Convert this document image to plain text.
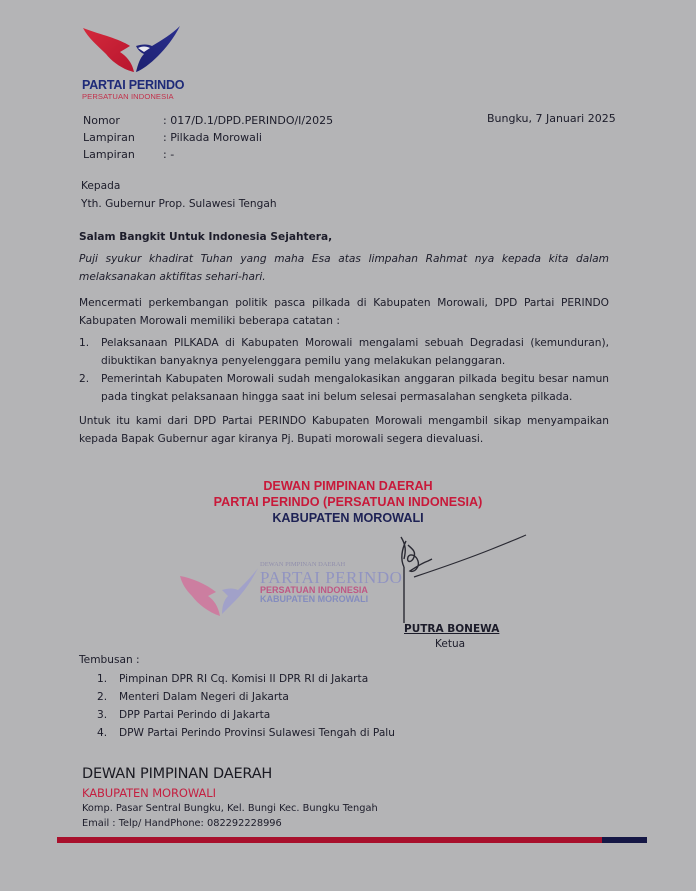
PARTAI PERINDO
PERSATUAN INDONESIA
Nomor	: 017/D.1/DPD.PERINDO/I/2025
Lampiran	: Pilkada Morowali
Lampiran	: -
Bungku, 7 Januari 2025
Kepada
Yth. Gubernur Prop. Sulawesi Tengah
Salam Bangkit Untuk Indonesia Sejahtera,
Puji syukur khadirat Tuhan yang maha Esa atas limpahan Rahmat nya kepada kita dalam melaksanakan aktifitas sehari-hari.
Mencermati perkembangan politik pasca pilkada di Kabupaten Morowali, DPD Partai PERINDO Kabupaten Morowali memiliki beberapa catatan :
1.	Pelaksanaan PILKADA di Kabupaten Morowali mengalami sebuah Degradasi (kemunduran), dibuktikan banyaknya penyelenggara pemilu yang melakukan pelanggaran.
2.	Pemerintah Kabupaten Morowali sudah mengalokasikan anggaran pilkada begitu besar namun pada tingkat pelaksanaan hingga saat ini belum selesai permasalahan sengketa pilkada.
Untuk itu kami dari DPD Partai PERINDO Kabupaten Morowali mengambil sikap menyampaikan kepada Bapak Gubernur agar kiranya Pj. Bupati morowali segera dievaluasi.
DEWAN PIMPINAN DAERAH
PARTAI PERINDO (PERSATUAN INDONESIA)
KABUPATEN MOROWALI
DEWAN PIMPINAN DAERAH
PARTAI PERINDO
PERSATUAN INDONESIA
KABUPATEN MOROWALI
PUTRA BONEWA
Ketua
Tembusan :
1.	Pimpinan DPR RI Cq. Komisi II DPR RI di Jakarta
2.	Menteri Dalam Negeri di Jakarta
3.	DPP Partai Perindo di Jakarta
4.	DPW Partai Perindo Provinsi Sulawesi Tengah di Palu
DEWAN PIMPINAN DAERAH
KABUPATEN MOROWALI
Komp. Pasar Sentral Bungku, Kel. Bungi Kec. Bungku Tengah
Email : Telp/ HandPhone: 082292228996
